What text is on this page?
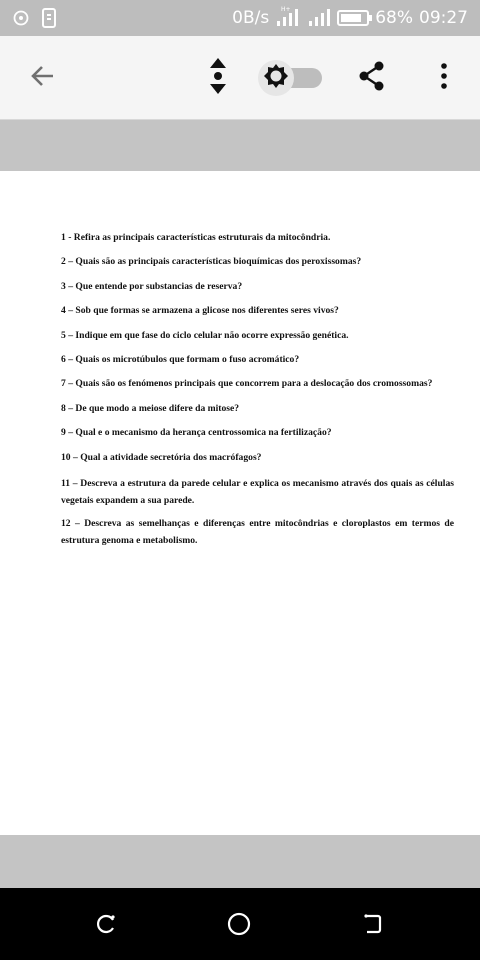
0B/s H+	68% 09:27

1 - Refira as principais características estruturais da mitocôndria.

2 – Quais são as principais características bioquímicas dos peroxissomas?

3 – Que entende por substancias de reserva?

4 – Sob que formas se armazena a glicose nos diferentes seres vivos?

5 – Indique em que fase do ciclo celular não ocorre expressão genética.

6 – Quais os microtúbulos que formam o fuso acromático?

7 – Quais são os fenómenos principais que concorrem para a deslocação dos cromossomas?

8 – De que modo a meiose difere da mitose?

9 – Qual e o mecanismo da herança centrossomica na fertilização?

10 – Qual a atividade secretória dos macrófagos?

11 – Descreva a estrutura da parede celular e explica os mecanismo através dos quais as células vegetais expandem a sua parede.

12 – Descreva as semelhanças e diferenças entre mitocôndrias e cloroplastos em termos de estrutura genoma e metabolismo.
